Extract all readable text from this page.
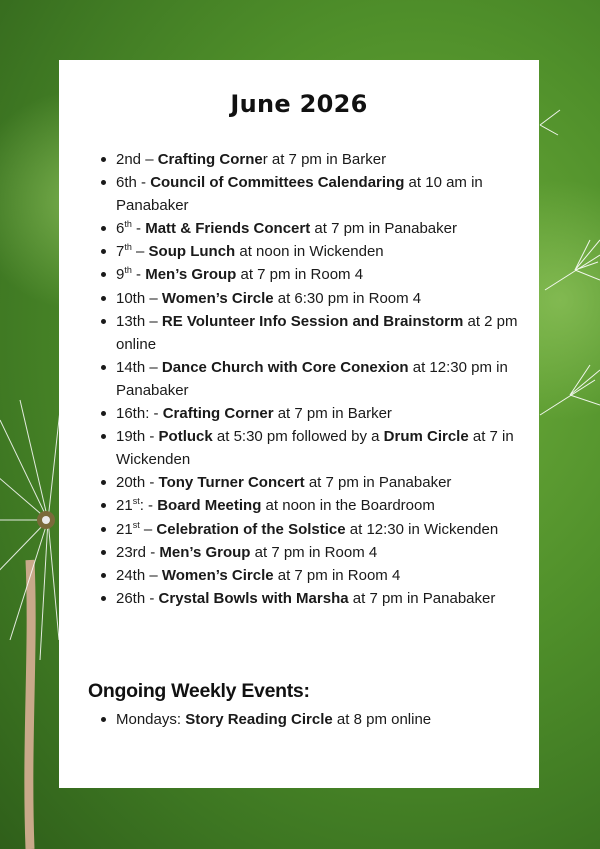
June 2026
2nd – Crafting Corner at 7 pm in Barker
6th - Council of Committees Calendaring at 10 am in Panabaker
6th - Matt & Friends Concert at 7 pm in Panabaker
7th – Soup Lunch at noon in Wickenden
9th - Men’s Group at 7 pm in Room 4
10th – Women’s Circle at 6:30 pm in Room 4
13th – RE Volunteer Info Session and Brainstorm at 2 pm online
14th – Dance Church with Core Conexion at 12:30 pm in Panabaker
16th: - Crafting Corner at 7 pm in Barker
19th - Potluck at 5:30 pm followed by a Drum Circle at 7 in Wickenden
20th - Tony Turner Concert at 7 pm in Panabaker
21st: - Board Meeting at noon in the Boardroom
21st – Celebration of the Solstice at 12:30 in Wickenden
23rd - Men’s Group at 7 pm in Room 4
24th – Women’s Circle at 7 pm in Room 4
26th - Crystal Bowls with Marsha at 7 pm in Panabaker
Ongoing Weekly Events:
Mondays: Story Reading Circle at 8 pm online
